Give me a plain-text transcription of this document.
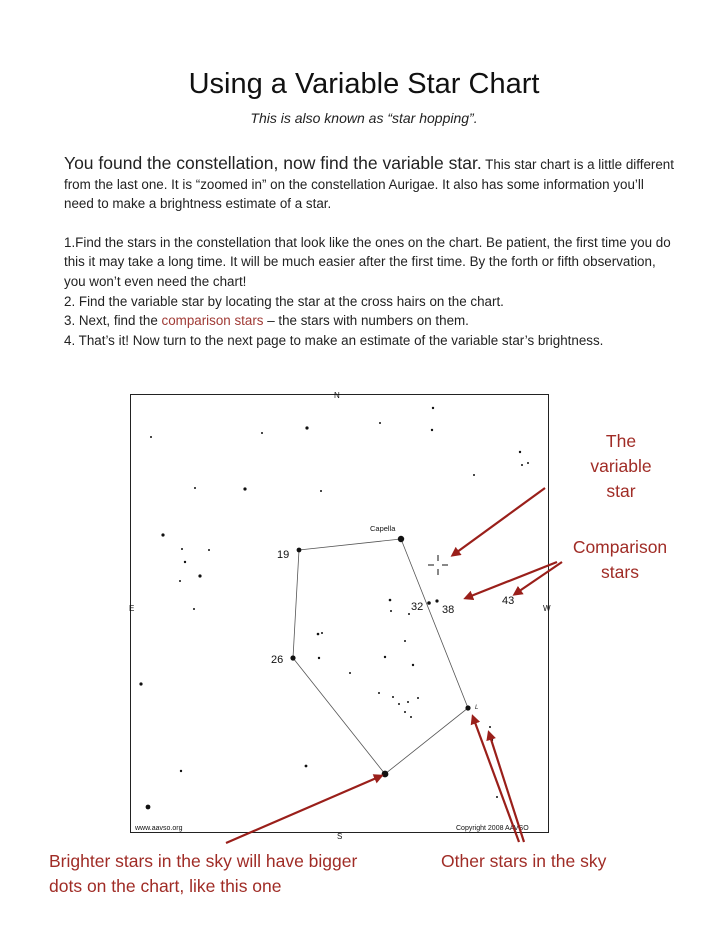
Using a Variable Star Chart
This is also known as “star hopping”.

You found the constellation, now find the variable star. This star chart is a little different from the last one. It is “zoomed in” on the constellation Aurigae. It also has some information you’ll need to make a brightness estimate of a star.

1.Find the stars in the constellation that look like the ones on the chart. Be patient, the first time you do this it may take a long time. It will be much easier after the first time. By the forth or fifth observation, you won’t even need the chart!

2. Find the variable star by locating the star at the cross hairs on the chart.

3. Next, find the comparison stars – the stars with numbers on them.

4. That’s it! Now turn to the next page to make an estimate of the variable star’s brightness.

N
S
E	W
Capella
19
26
32 38
43
L
www.aavso.org	Copyright 2008 AAVSO
The
variable
star
Comparison
stars
Brighter stars in the sky will have bigger
dots on the chart, like this one
Other stars in the sky
